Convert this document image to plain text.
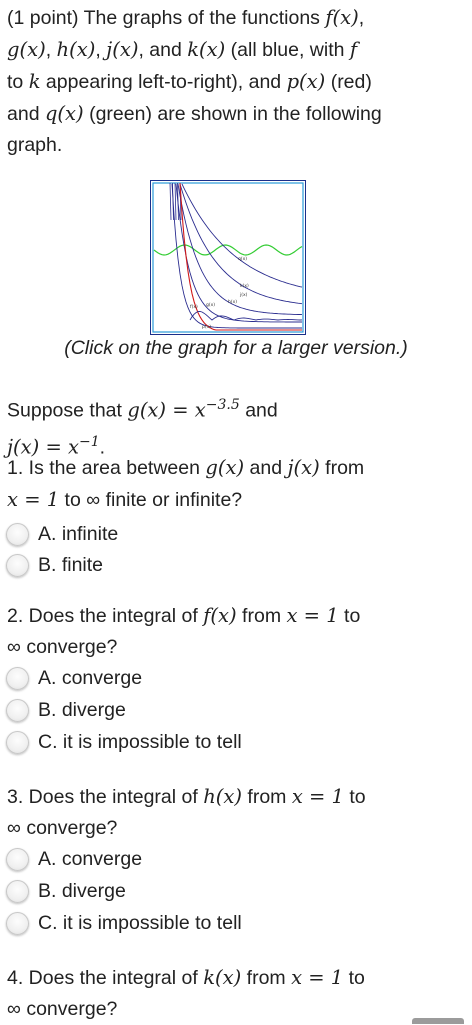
(1 point) The graphs of the functions f(x),
g(x), h(x), j(x), and k(x) (all blue, with f
to k appearing left-to-right), and p(x) (red)
and q(x) (green) are shown in the following
graph.
q(x)
k(x)
j(x)
f(x) g(x)
h(x)
p(x)
(Click on the graph for a larger version.)
Suppose that $g(x) = x^{-3.5}$ and
$j(x) = x^{-1}$.
1. Is the area between g(x) and j(x) from
x = 1 to ∞ finite or infinite?
A. infinite
B. finite
2. Does the integral of f(x) from x = 1 to
∞ converge?
A. converge
B. diverge
C. it is impossible to tell
3. Does the integral of h(x) from x = 1 to
∞ converge?
A. converge
B. diverge
C. it is impossible to tell
4. Does the integral of k(x) from x = 1 to
∞ converge?
